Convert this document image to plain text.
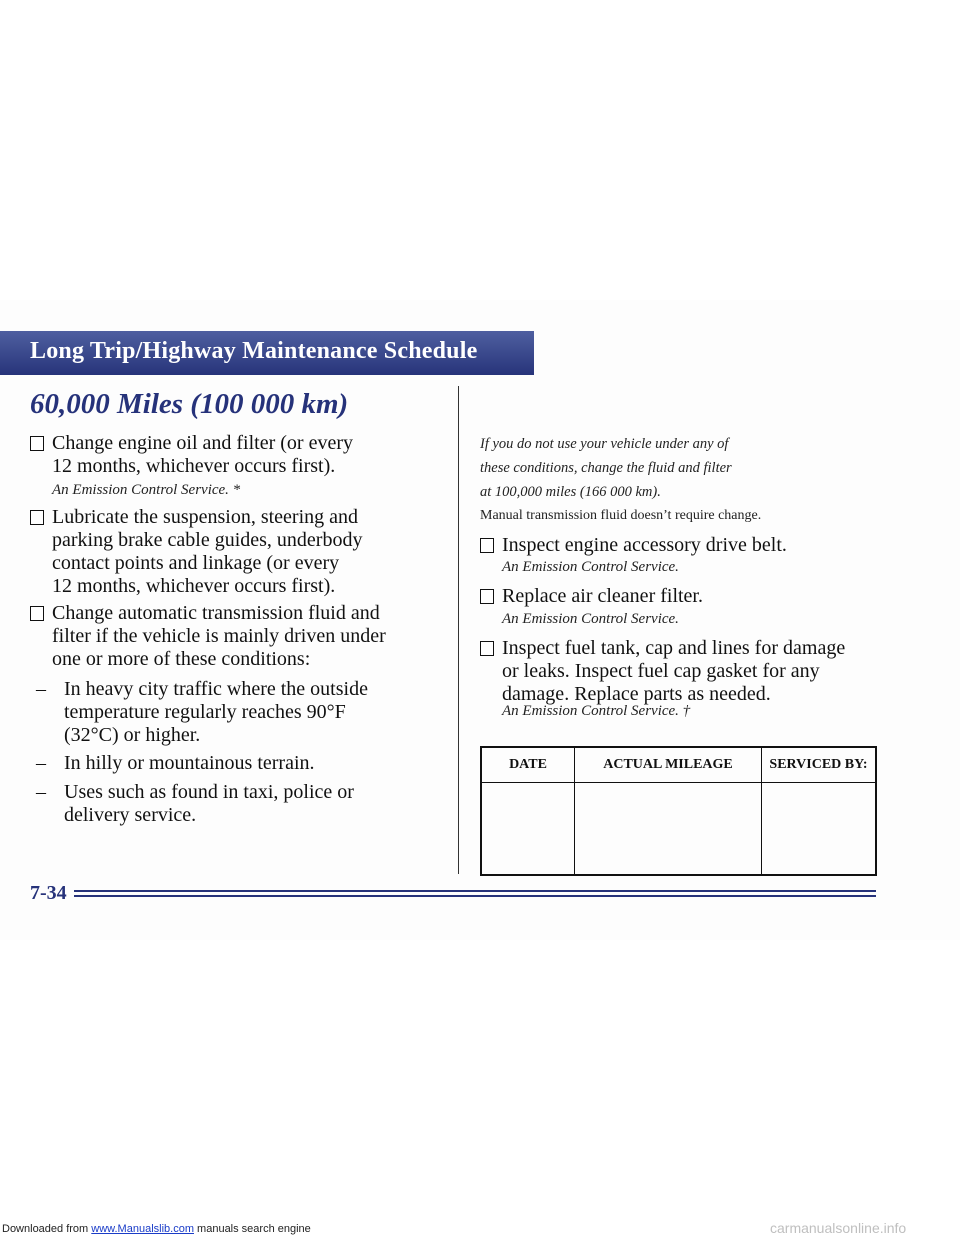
Long Trip/Highway Maintenance Schedule
60,000 Miles (100 000 km)
Change engine oil and filter (or every
12 months, whichever occurs first).
An Emission Control Service. *
Lubricate the suspension, steering and
parking brake cable guides, underbody
contact points and linkage (or every
12 months, whichever occurs first).
Change automatic transmission fluid and
filter if the vehicle is mainly driven under
one or more of these conditions:
– In heavy city traffic where the outside
temperature regularly reaches 90°F
(32°C) or higher.
– In hilly or mountainous terrain.
– Uses such as found in taxi, police or
delivery service.
If you do not use your vehicle under any of
these conditions, change the fluid and filter
at 100,000 miles (166 000 km).
Manual transmission fluid doesn’t require change.
Inspect engine accessory drive belt.
An Emission Control Service.
Replace air cleaner filter.
An Emission Control Service.
Inspect fuel tank, cap and lines for damage
or leaks. Inspect fuel cap gasket for any
damage. Replace parts as needed.
An Emission Control Service. †
DATE	ACTUAL MILEAGE	SERVICED BY:

7-34
Downloaded from www.Manualslib.com manuals search engine	carmanualsonline.info
